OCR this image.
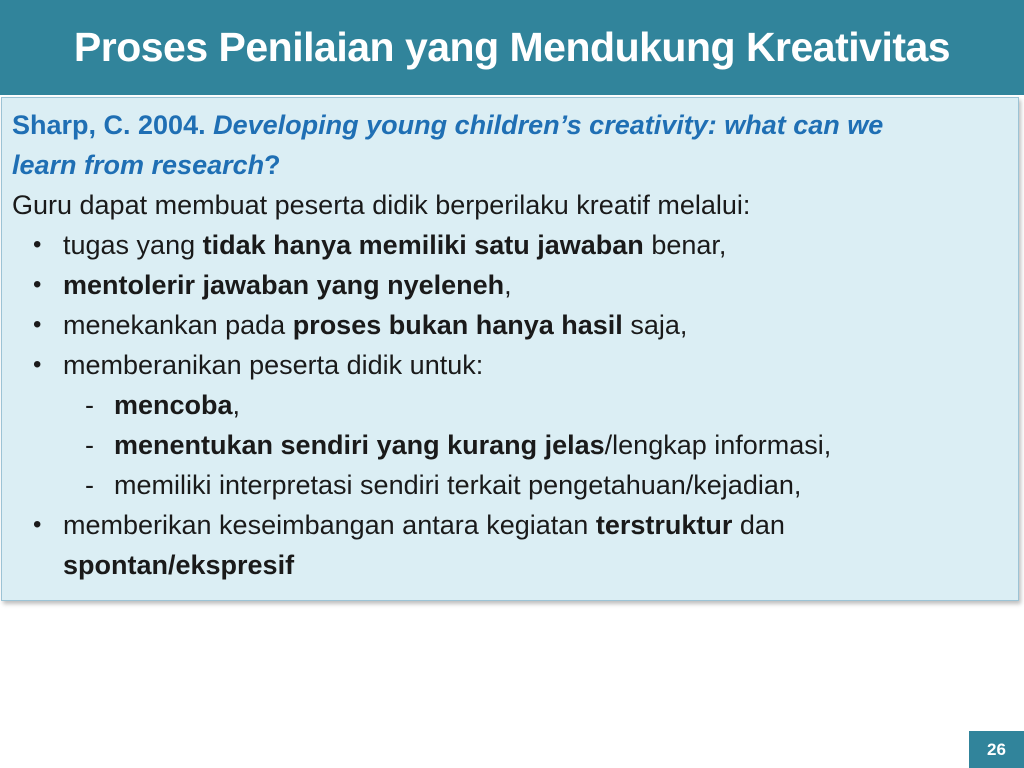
Proses Penilaian yang Mendukung Kreativitas
Sharp, C. 2004. Developing young children’s creativity: what can we
learn from research?
Guru dapat membuat peserta didik berperilaku kreatif melalui:
• tugas yang tidak hanya memiliki satu jawaban benar,
• mentolerir jawaban yang nyeleneh,
• menekankan pada proses bukan hanya hasil saja,
• memberanikan peserta didik untuk:
- mencoba,
- menentukan sendiri yang kurang jelas/lengkap informasi,
- memiliki interpretasi sendiri terkait pengetahuan/kejadian,
• memberikan keseimbangan antara kegiatan terstruktur dan
spontan/ekspresif
26
